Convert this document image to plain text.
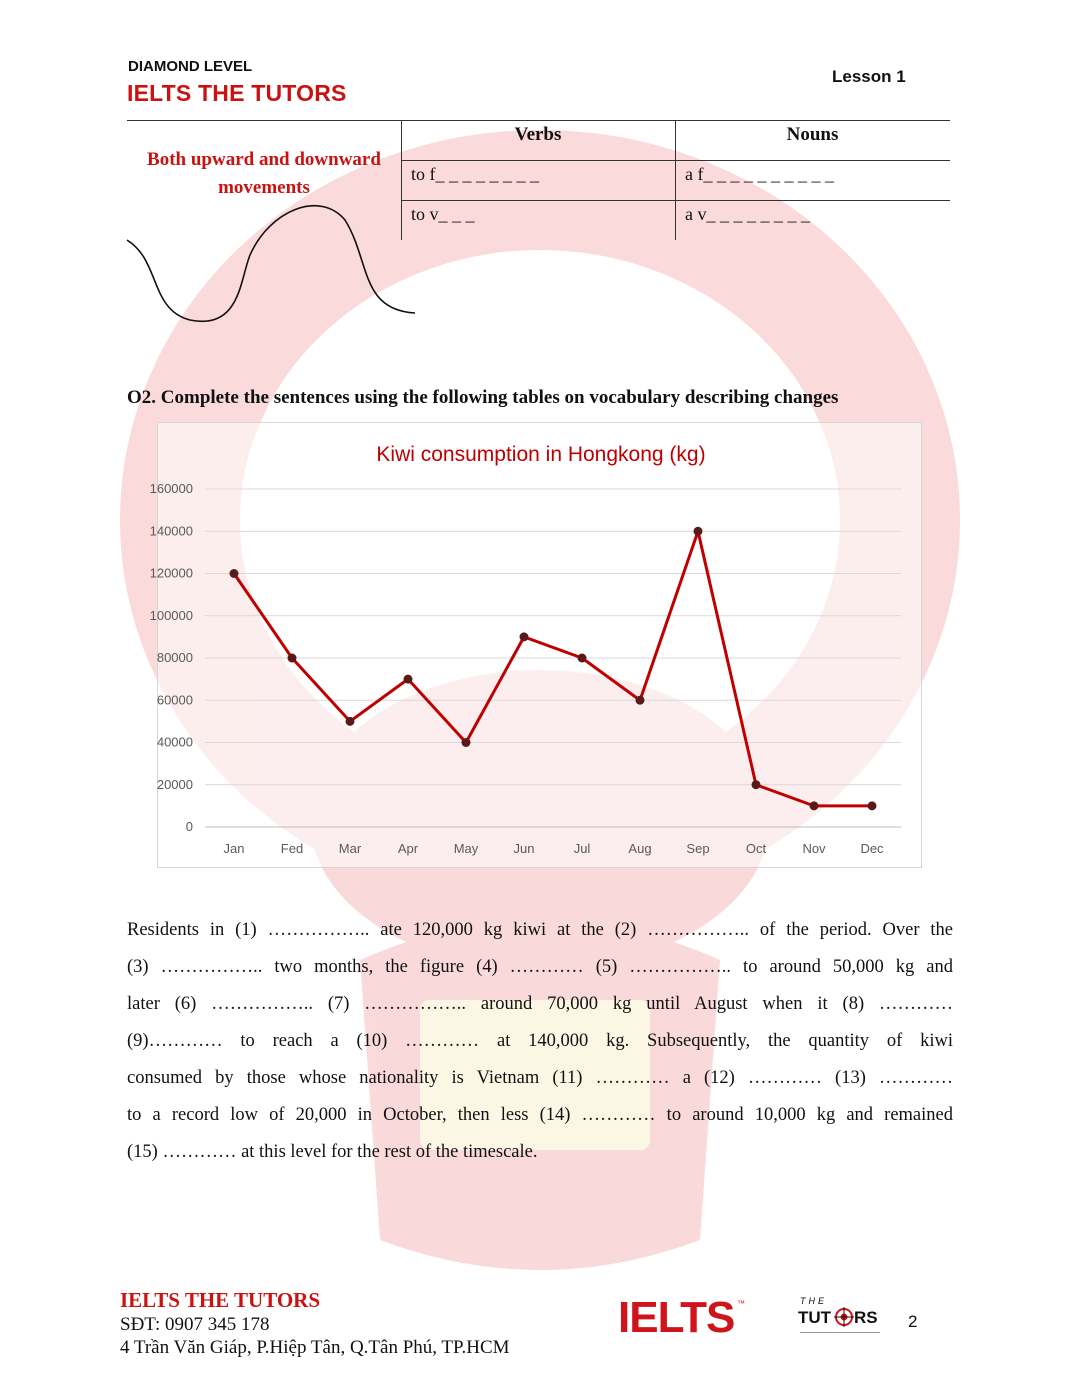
DIAMOND LEVEL
IELTS THE TUTORS
Lesson 1
Both upward and downward movements
Verbs	Nouns
to f_ _ _ _ _ _ _ _	a f_ _ _ _ _ _ _ _ _ _
to v_ _ _	a v_ _ _ _ _ _ _ _
O2. Complete the sentences using the following tables on vocabulary describing changes
Kiwi consumption in Hongkong (kg)
0
20000
40000
60000
80000
100000
120000
140000
160000
Jan	Fed	Mar	Apr	May	Jun	Jul	Aug	Sep	Oct	Nov	Dec
Residents in (1) …………….. ate 120,000 kg kiwi at the (2) …………….. of the period. Over the
(3) …………….. two months, the figure (4) ………… (5) …………….. to around 50,000 kg and
later (6) …………….. (7) …………….. around 70,000 kg until August when it (8) …………
(9)………… to reach a (10) ………… at 140,000 kg. Subsequently, the quantity of kiwi
consumed by those whose nationality is Vietnam (11) ………… a (12) ………… (13) …………
to a record low of 20,000 in October, then less (14) ………… to around 10,000 kg and remained
(15) ………… at this level for the rest of the timescale.
IELTS THE TUTORS
SĐT: 0907 345 178
4 Trần Văn Giáp, P.Hiệp Tân, Q.Tân Phú, TP.HCM
IELTS ™	THE
TUT RS 2
